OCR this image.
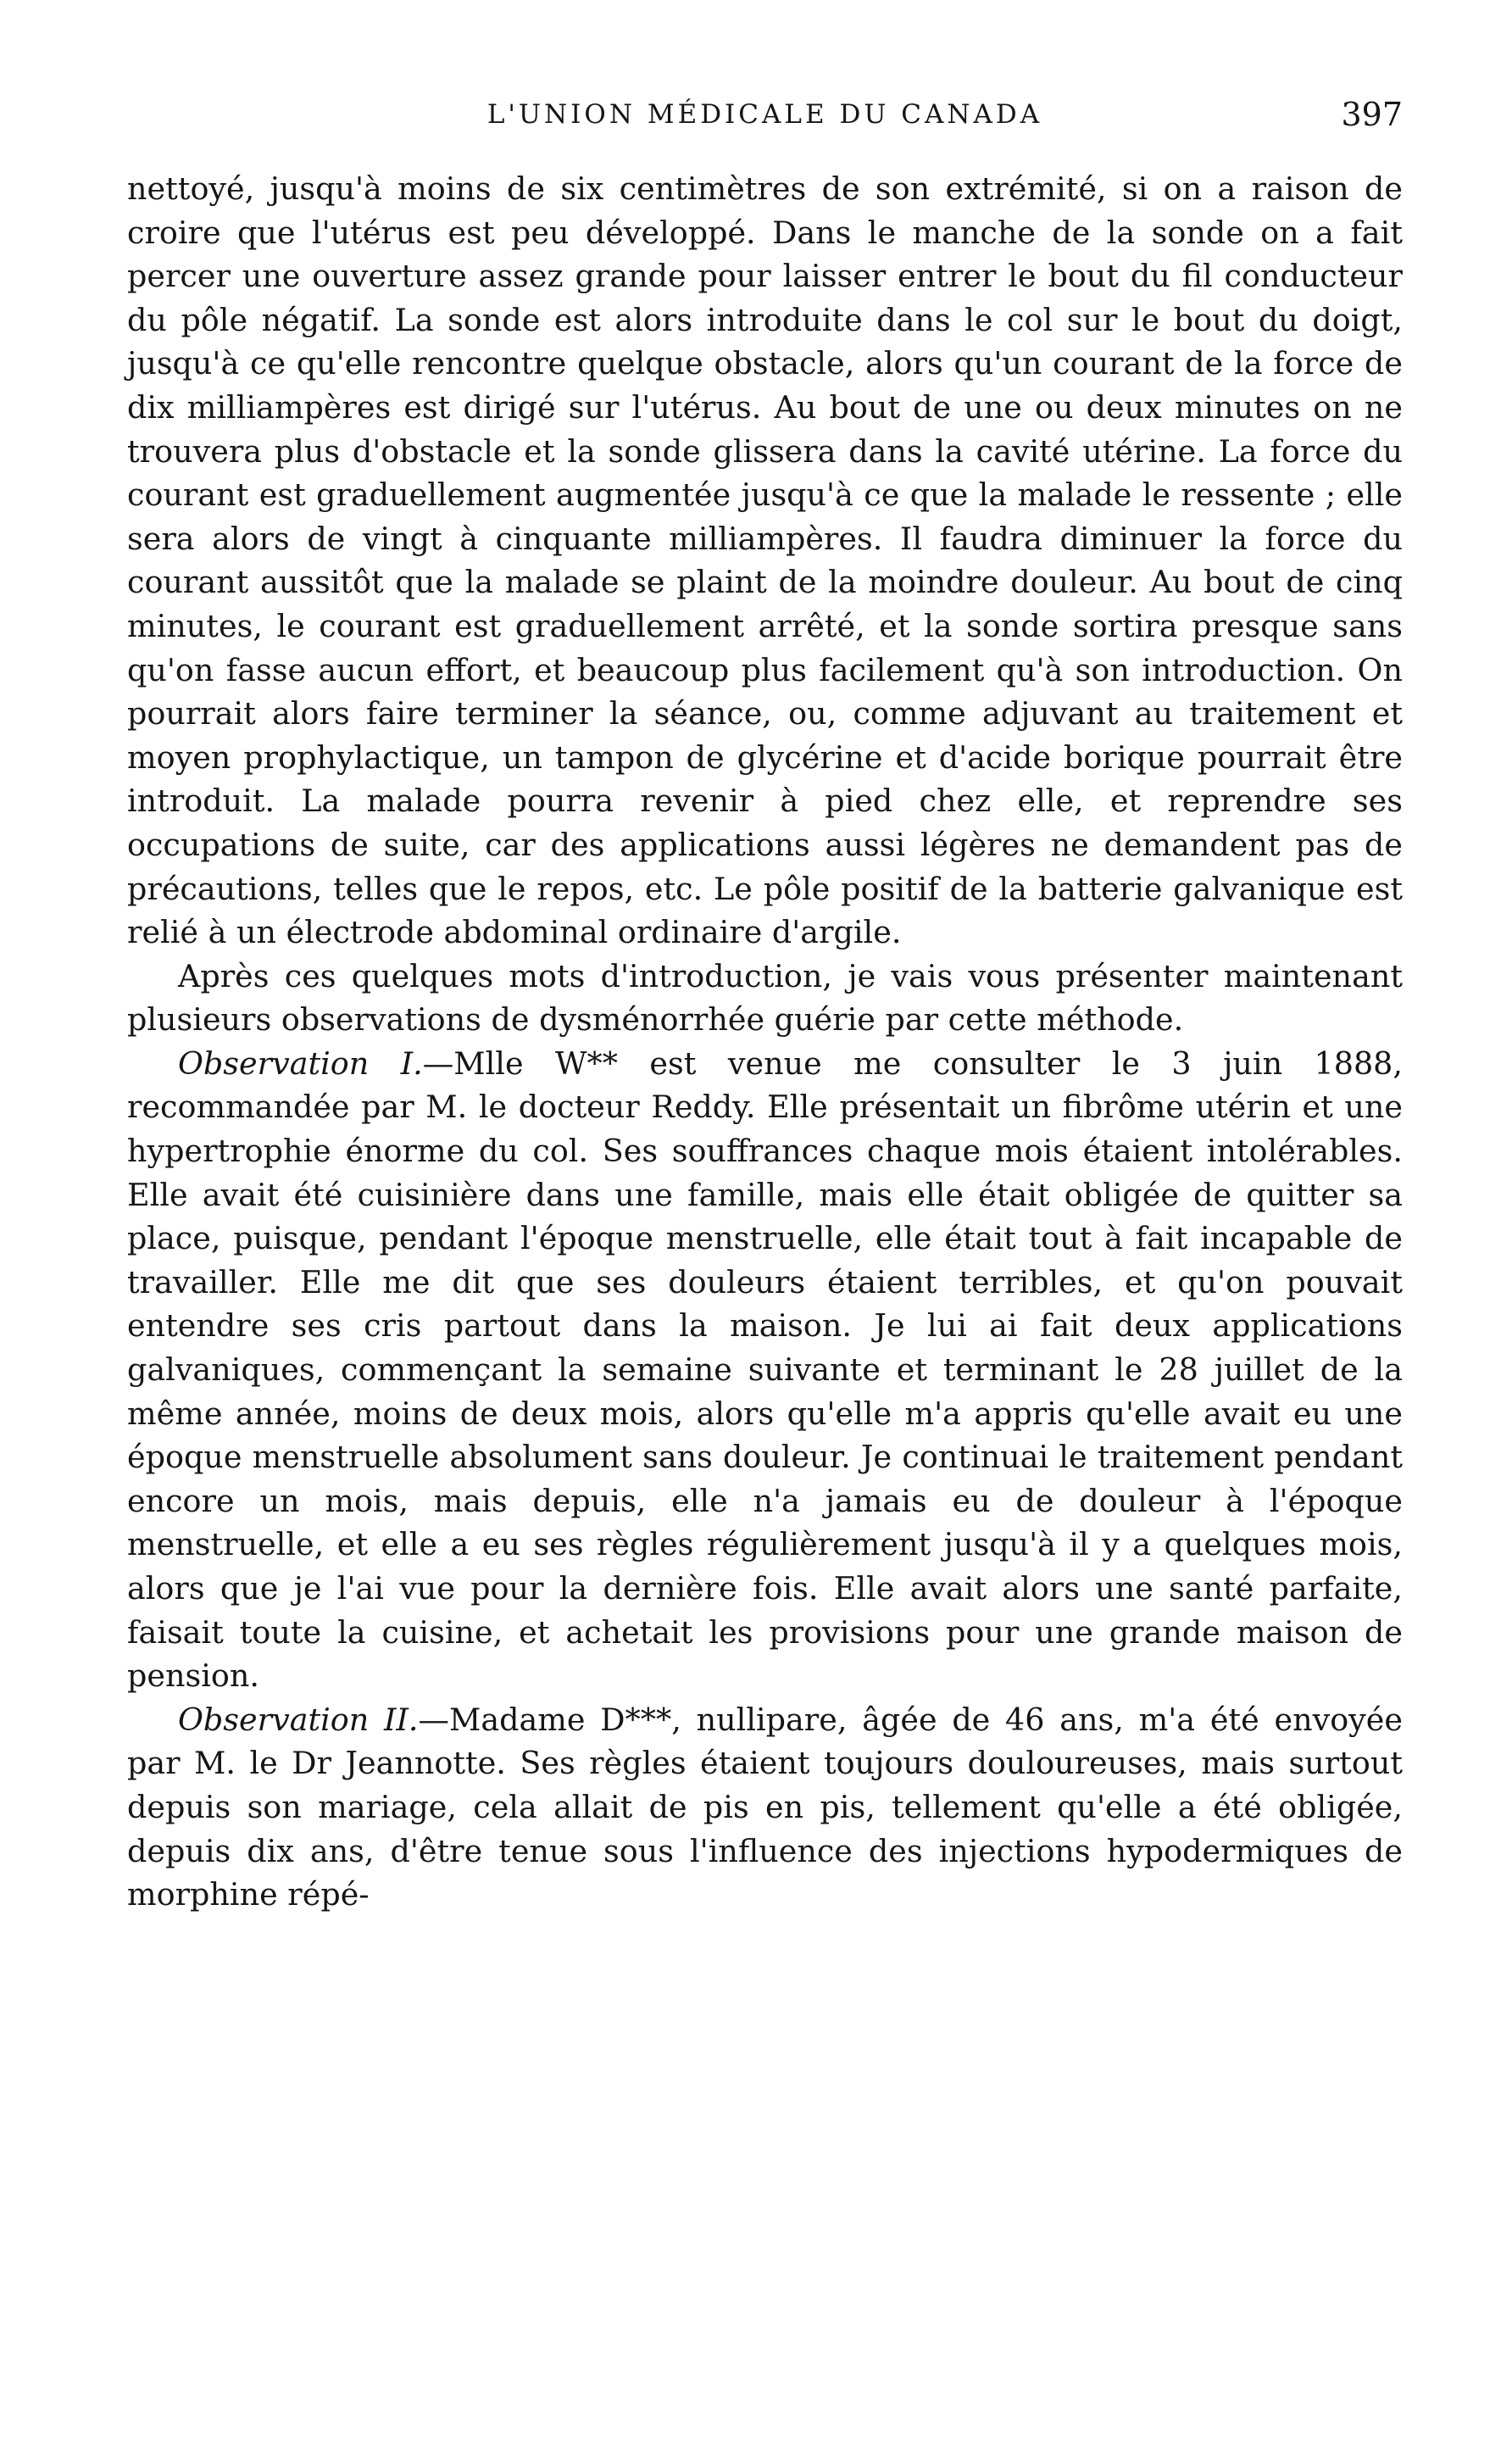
L'UNION MÉDICALE DU CANADA	397

nettoyé, jusqu'à moins de six centimètres de son extrémité, si on a raison de croire que l'utérus est peu développé. Dans le manche de la sonde on a fait percer une ouverture assez grande pour laisser entrer le bout du fil conducteur du pôle négatif. La sonde est alors introduite dans le col sur le bout du doigt, jusqu'à ce qu'elle rencontre quelque obstacle, alors qu'un courant de la force de dix milliampères est dirigé sur l'utérus. Au bout de une ou deux minutes on ne trouvera plus d'obstacle et la sonde glissera dans la cavité utérine. La force du courant est graduellement augmentée jusqu'à ce que la malade le ressente ; elle sera alors de vingt à cinquante milliampères. Il faudra diminuer la force du courant aussitôt que la malade se plaint de la moindre douleur. Au bout de cinq minutes, le courant est graduellement arrêté, et la sonde sortira presque sans qu'on fasse aucun effort, et beaucoup plus facilement qu'à son introduction. On pourrait alors faire terminer la séance, ou, comme adjuvant au traitement et moyen prophylactique, un tampon de glycérine et d'acide borique pourrait être introduit. La malade pourra revenir à pied chez elle, et reprendre ses occupations de suite, car des applications aussi légères ne demandent pas de précautions, telles que le repos, etc. Le pôle positif de la batterie galvanique est relié à un électrode abdominal ordinaire d'argile.

Après ces quelques mots d'introduction, je vais vous présenter maintenant plusieurs observations de dysménorrhée guérie par cette méthode.

Observation I.—Mlle W** est venue me consulter le 3 juin 1888, recommandée par M. le docteur Reddy. Elle présentait un fibrôme utérin et une hypertrophie énorme du col. Ses souffrances chaque mois étaient intolérables. Elle avait été cuisinière dans une famille, mais elle était obligée de quitter sa place, puisque, pendant l'époque menstruelle, elle était tout à fait incapable de travailler. Elle me dit que ses douleurs étaient terribles, et qu'on pouvait entendre ses cris partout dans la maison. Je lui ai fait deux applications galvaniques, commençant la semaine suivante et terminant le 28 juillet de la même année, moins de deux mois, alors qu'elle m'a appris qu'elle avait eu une époque menstruelle absolument sans douleur. Je continuai le traitement pendant encore un mois, mais depuis, elle n'a jamais eu de douleur à l'époque menstruelle, et elle a eu ses règles régulièrement jusqu'à il y a quelques mois, alors que je l'ai vue pour la dernière fois. Elle avait alors une santé parfaite, faisait toute la cuisine, et achetait les provisions pour une grande maison de pension.

Observation II.—Madame D***, nullipare, âgée de 46 ans, m'a été envoyée par M. le Dr Jeannotte. Ses règles étaient toujours douloureuses, mais surtout depuis son mariage, cela allait de pis en pis, tellement qu'elle a été obligée, depuis dix ans, d'être tenue sous l'influence des injections hypodermiques de morphine répé-
